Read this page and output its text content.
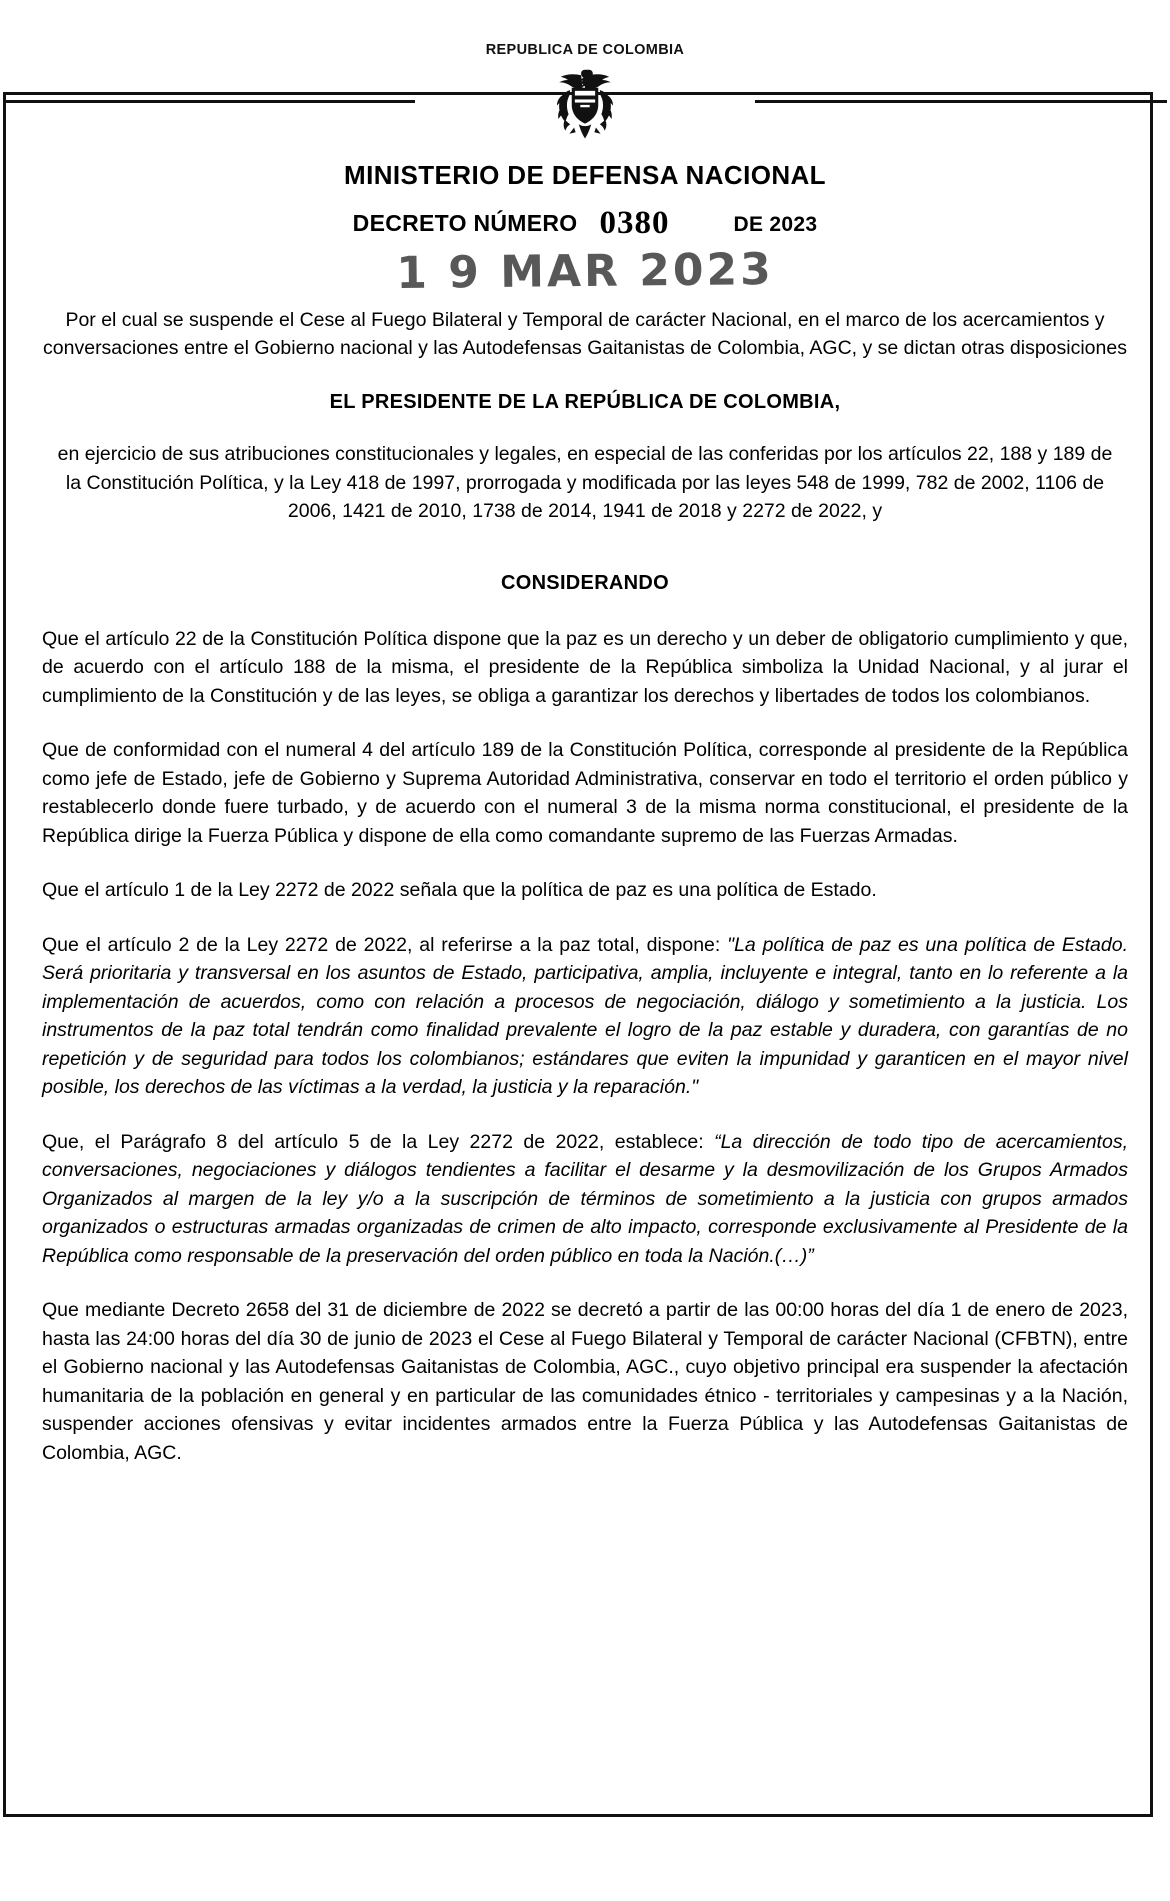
REPUBLICA DE COLOMBIA
MINISTERIO DE DEFENSA NACIONAL
DECRETO NÚMERO 0380	DE 2023
1 9 MAR 2023
Por el cual se suspende el Cese al Fuego Bilateral y Temporal de carácter Nacional, en el marco de los acercamientos y conversaciones entre el Gobierno nacional y las Autodefensas Gaitanistas de Colombia, AGC, y se dictan otras disposiciones
EL PRESIDENTE DE LA REPÚBLICA DE COLOMBIA,
en ejercicio de sus atribuciones constitucionales y legales, en especial de las conferidas por los artículos 22, 188 y 189 de la Constitución Política, y la Ley 418 de 1997, prorrogada y modificada por las leyes 548 de 1999, 782 de 2002, 1106 de 2006, 1421 de 2010, 1738 de 2014, 1941 de 2018 y 2272 de 2022, y
CONSIDERANDO

Que el artículo 22 de la Constitución Política dispone que la paz es un derecho y un deber de obligatorio cumplimiento y que, de acuerdo con el artículo 188 de la misma, el presidente de la República simboliza la Unidad Nacional, y al jurar el cumplimiento de la Constitución y de las leyes, se obliga a garantizar los derechos y libertades de todos los colombianos.

Que de conformidad con el numeral 4 del artículo 189 de la Constitución Política, corresponde al presidente de la República como jefe de Estado, jefe de Gobierno y Suprema Autoridad Administrativa, conservar en todo el territorio el orden público y restablecerlo donde fuere turbado, y de acuerdo con el numeral 3 de la misma norma constitucional, el presidente de la República dirige la Fuerza Pública y dispone de ella como comandante supremo de las Fuerzas Armadas.

Que el artículo 1 de la Ley 2272 de 2022 señala que la política de paz es una política de Estado.

Que el artículo 2 de la Ley 2272 de 2022, al referirse a la paz total, dispone: "La política de paz es una política de Estado. Será prioritaria y transversal en los asuntos de Estado, participativa, amplia, incluyente e integral, tanto en lo referente a la implementación de acuerdos, como con relación a procesos de negociación, diálogo y sometimiento a la justicia. Los instrumentos de la paz total tendrán como finalidad prevalente el logro de la paz estable y duradera, con garantías de no repetición y de seguridad para todos los colombianos; estándares que eviten la impunidad y garanticen en el mayor nivel posible, los derechos de las víctimas a la verdad, la justicia y la reparación."

Que, el Parágrafo 8 del artículo 5 de la Ley 2272 de 2022, establece: “La dirección de todo tipo de acercamientos, conversaciones, negociaciones y diálogos tendientes a facilitar el desarme y la desmovilización de los Grupos Armados Organizados al margen de la ley y/o a la suscripción de términos de sometimiento a la justicia con grupos armados organizados o estructuras armadas organizadas de crimen de alto impacto, corresponde exclusivamente al Presidente de la República como responsable de la preservación del orden público en toda la Nación.(…)”

Que mediante Decreto 2658 del 31 de diciembre de 2022 se decretó a partir de las 00:00 horas del día 1 de enero de 2023, hasta las 24:00 horas del día 30 de junio de 2023 el Cese al Fuego Bilateral y Temporal de carácter Nacional (CFBTN), entre el Gobierno nacional y las Autodefensas Gaitanistas de Colombia, AGC., cuyo objetivo principal era suspender la afectación humanitaria de la población en general y en particular de las comunidades étnico - territoriales y campesinas y a la Nación, suspender acciones ofensivas y evitar incidentes armados entre la Fuerza Pública y las Autodefensas Gaitanistas de Colombia, AGC.
